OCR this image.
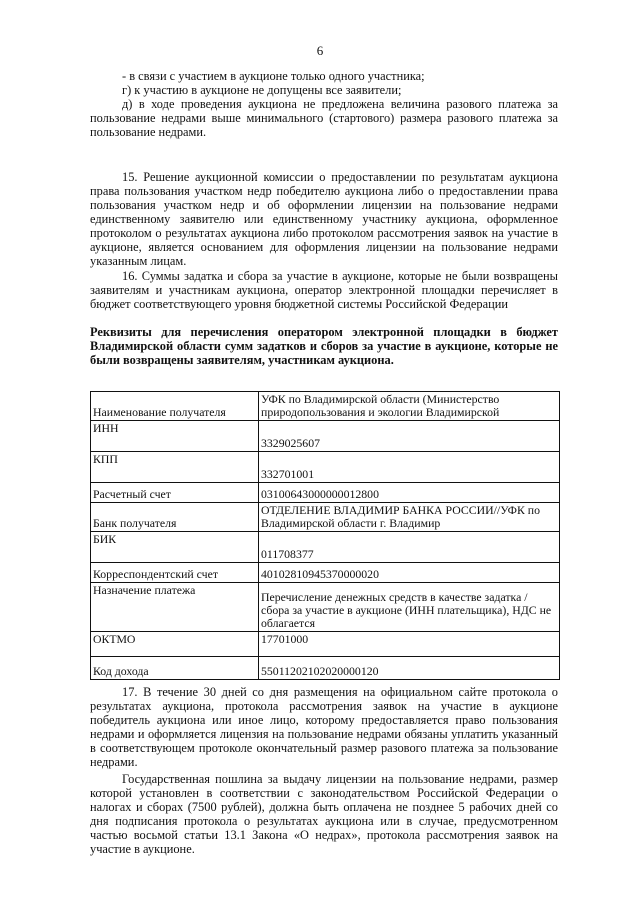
6

- в связи с участием в аукционе только одного участника;

г) к участию в аукционе не допущены все заявители;

д) в ходе проведения аукциона не предложена величина разового платежа за пользование недрами выше минимального (стартового) размера разового платежа за пользование недрами.

15. Решение аукционной комиссии о предоставлении по результатам аукциона права пользования участком недр победителю аукциона либо о предоставлении права пользования участком недр и об оформлении лицензии на пользование недрами единственному заявителю или единственному участнику аукциона, оформленное протоколом о результатах аукциона либо протоколом рассмотрения заявок на участие в аукционе, является основанием для оформления лицензии на пользование недрами указанным лицам.

16. Суммы задатка и сбора за участие в аукционе, которые не были возвращены заявителям и участникам аукциона, оператор электронной площадки перечисляет в бюджет соответствующего уровня бюджетной системы Российской Федерации

Реквизиты для перечисления оператором электронной площадки в бюджет Владимирской области сумм задатков и сборов за участие в аукционе, которые не были возвращены заявителям, участникам аукциона.

Наименование получателя	УФК по Владимирской области (Министерство природопользования и экологии Владимирской
ИНН	3329025607
КПП	332701001
Расчетный счет	03100643000000012800
Банк получателя	ОТДЕЛЕНИЕ ВЛАДИМИР БАНКА РОССИИ//УФК по Владимирской области г. Владимир
БИК	011708377
Корреспондентский счет	40102810945370000020
Назначение платежа	Перечисление денежных средств в качестве задатка / сбора за участие в аукционе (ИНН плательщика), НДС не облагается
ОКТМО	17701000
Код дохода	55011202102020000120

17. В течение 30 дней со дня размещения на официальном сайте протокола о результатах аукциона, протокола рассмотрения заявок на участие в аукционе победитель аукциона или иное лицо, которому предоставляется право пользования недрами и оформляется лицензия на пользование недрами обязаны уплатить указанный в соответствующем протоколе окончательный размер разового платежа за пользование недрами.

Государственная пошлина за выдачу лицензии на пользование недрами, размер которой установлен в соответствии с законодательством Российской Федерации о налогах и сборах (7500 рублей), должна быть оплачена не позднее 5 рабочих дней со дня подписания протокола о результатах аукциона или в случае, предусмотренном частью восьмой статьи 13.1 Закона «О недрах», протокола рассмотрения заявок на участие в аукционе.
